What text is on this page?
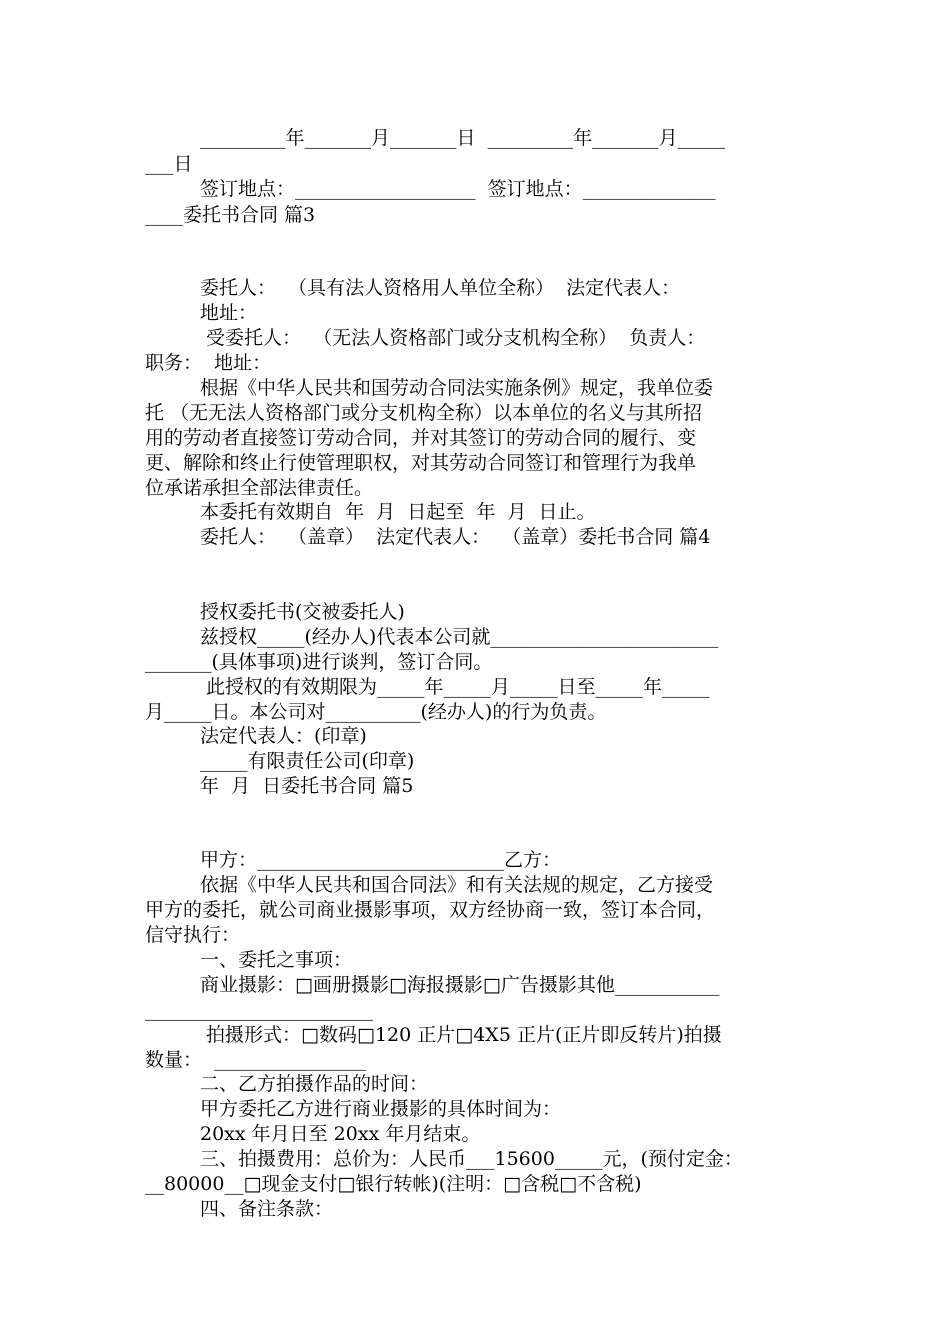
_________年_______月_______日  _________年_______月_____
___日
签订地点：___________________  签订地点：______________
____委托书合同 篇3
委托人：  （具有法人资格用人单位全称）  法定代表人：
地址：
受委托人：  （无法人资格部门或分支机构全称）  负责人：
职务：  地址：
根据《中华人民共和国劳动合同法实施条例》规定，我单位委
托 （无无法人资格部门或分支机构全称）以本单位的名义与其所招
用的劳动者直接签订劳动合同，并对其签订的劳动合同的履行、变
更、解除和终止行使管理职权，对其劳动合同签订和管理行为我单
位承诺承担全部法律责任。
本委托有效期自  年  月  日起至  年  月  日止。
委托人：  （盖章）  法定代表人：  （盖章）委托书合同 篇4
授权委托书(交被委托人)
兹授权_____(经办人)代表本公司就________________________
_______(具体事项)进行谈判，签订合同。
此授权的有效期限为_____年_____月_____日至_____年_____
月_____日。本公司对__________(经办人)的行为负责。
法定代表人：(印章)
_____有限责任公司(印章)
年  月  日委托书合同 篇5
甲方：__________________________乙方：
依据《中华人民共和国合同法》和有关法规的规定，乙方接受
甲方的委托，就公司商业摄影事项，双方经协商一致，签订本合同，
信守执行：
一、委托之事项：
商业摄影：□画册摄影□海报摄影□广告摄影其他___________
________________________
拍摄形式：□数码□120 正片□4X5 正片(正片即反转片)拍摄
数量：  ________________
二、乙方拍摄作品的时间：
甲方委托乙方进行商业摄影的具体时间为：
20xx 年月日至 20xx 年月结束。
三、拍摄费用：总价为：人民币___15600_____元，(预付定金：
__80000__□现金支付□银行转帐)(注明：□含税□不含税)
四、备注条款：
